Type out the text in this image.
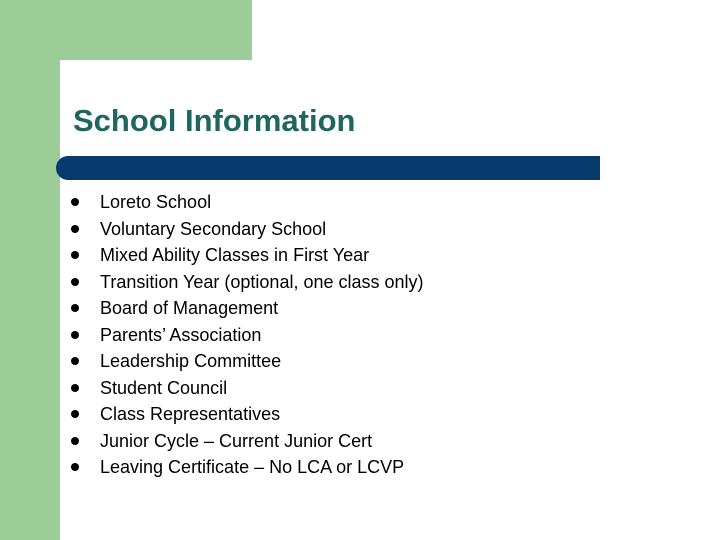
School Information
Loreto School
Voluntary Secondary School
Mixed Ability Classes in First Year
Transition Year (optional, one class only)
Board of Management
Parents’ Association
Leadership Committee
Student Council
Class Representatives
Junior Cycle – Current Junior Cert
Leaving Certificate – No LCA or LCVP
